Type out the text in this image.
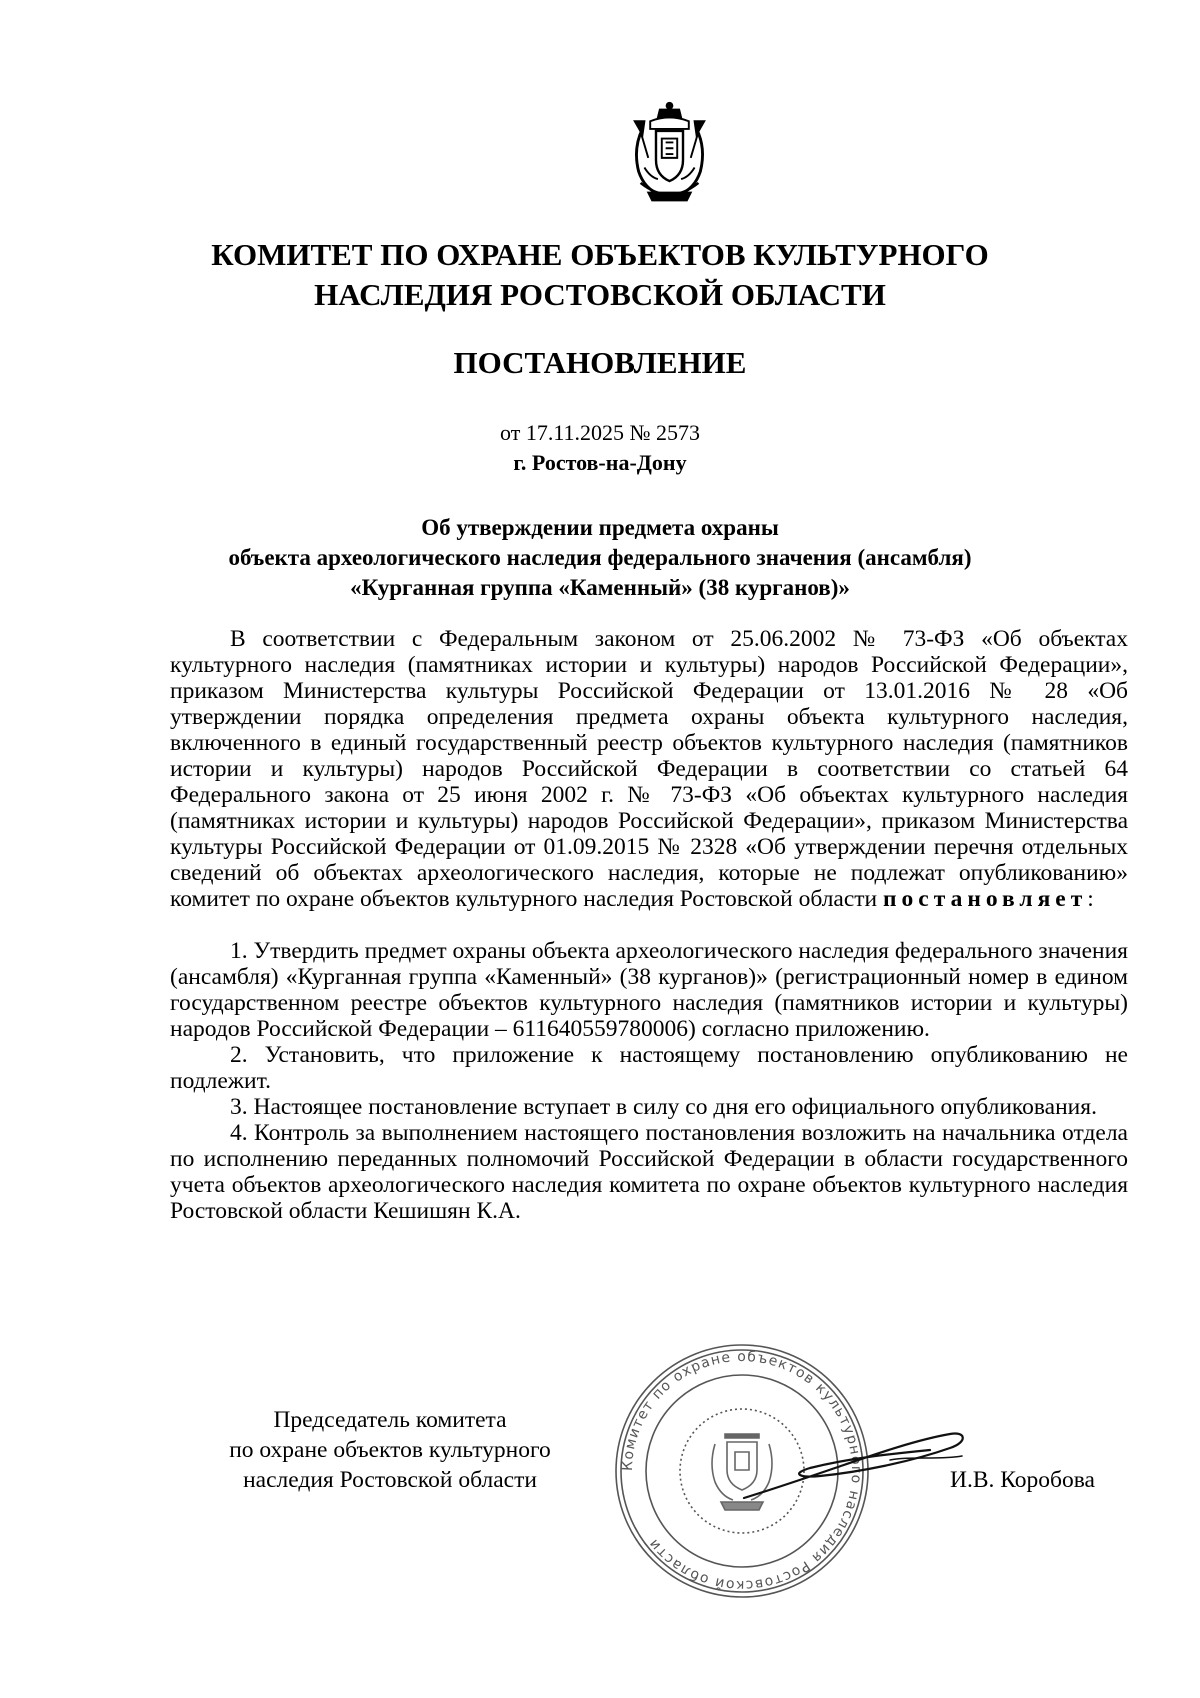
КОМИТЕТ ПО ОХРАНЕ ОБЪЕКТОВ КУЛЬТУРНОГО
НАСЛЕДИЯ РОСТОВСКОЙ ОБЛАСТИ
ПОСТАНОВЛЕНИЕ
от 17.11.2025 № 2573
г. Ростов-на-Дону
Об утверждении предмета охраны
объекта археологического наследия федерального значения (ансамбля)
«Курганная группа «Каменный» (38 курганов)»

В соответствии с Федеральным законом от 25.06.2002 № 73-ФЗ «Об объектах культурного наследия (памятниках истории и культуры) народов Российской Федерации», приказом Министерства культуры Российской Федерации от 13.01.2016 № 28 «Об утверждении порядка определения предмета охраны объекта культурного наследия, включенного в единый государственный реестр объектов культурного наследия (памятников истории и культуры) народов Российской Федерации в соответствии со статьей 64 Федерального закона от 25 июня 2002 г. № 73-ФЗ «Об объектах культурного наследия (памятниках истории и культуры) народов Российской Федерации», приказом Министерства культуры Российской Федерации от 01.09.2015 № 2328 «Об утверждении перечня отдельных сведений об объектах археологического наследия, которые не подлежат опубликованию» комитет по охране объектов культурного наследия Ростовской области постановляет:

1. Утвердить предмет охраны объекта археологического наследия федерального значения (ансамбля) «Курганная группа «Каменный» (38 курганов)» (регистрационный номер в едином государственном реестре объектов культурного наследия (памятников истории и культуры) народов Российской Федерации – 611640559780006) согласно приложению.

2. Установить, что приложение к настоящему постановлению опубликованию не подлежит.

3. Настоящее постановление вступает в силу со дня его официального опубликования.

4. Контроль за выполнением настоящего постановления возложить на начальника отдела по исполнению переданных полномочий Российской Федерации в области государственного учета объектов археологического наследия комитета по охране объектов культурного наследия Ростовской области Кешишян К.А.

Комитет по охране объектов культурного наследия Ростовской области
Председатель комитета
по охране объектов культурного
наследия Ростовской области	И.В. Коробова
